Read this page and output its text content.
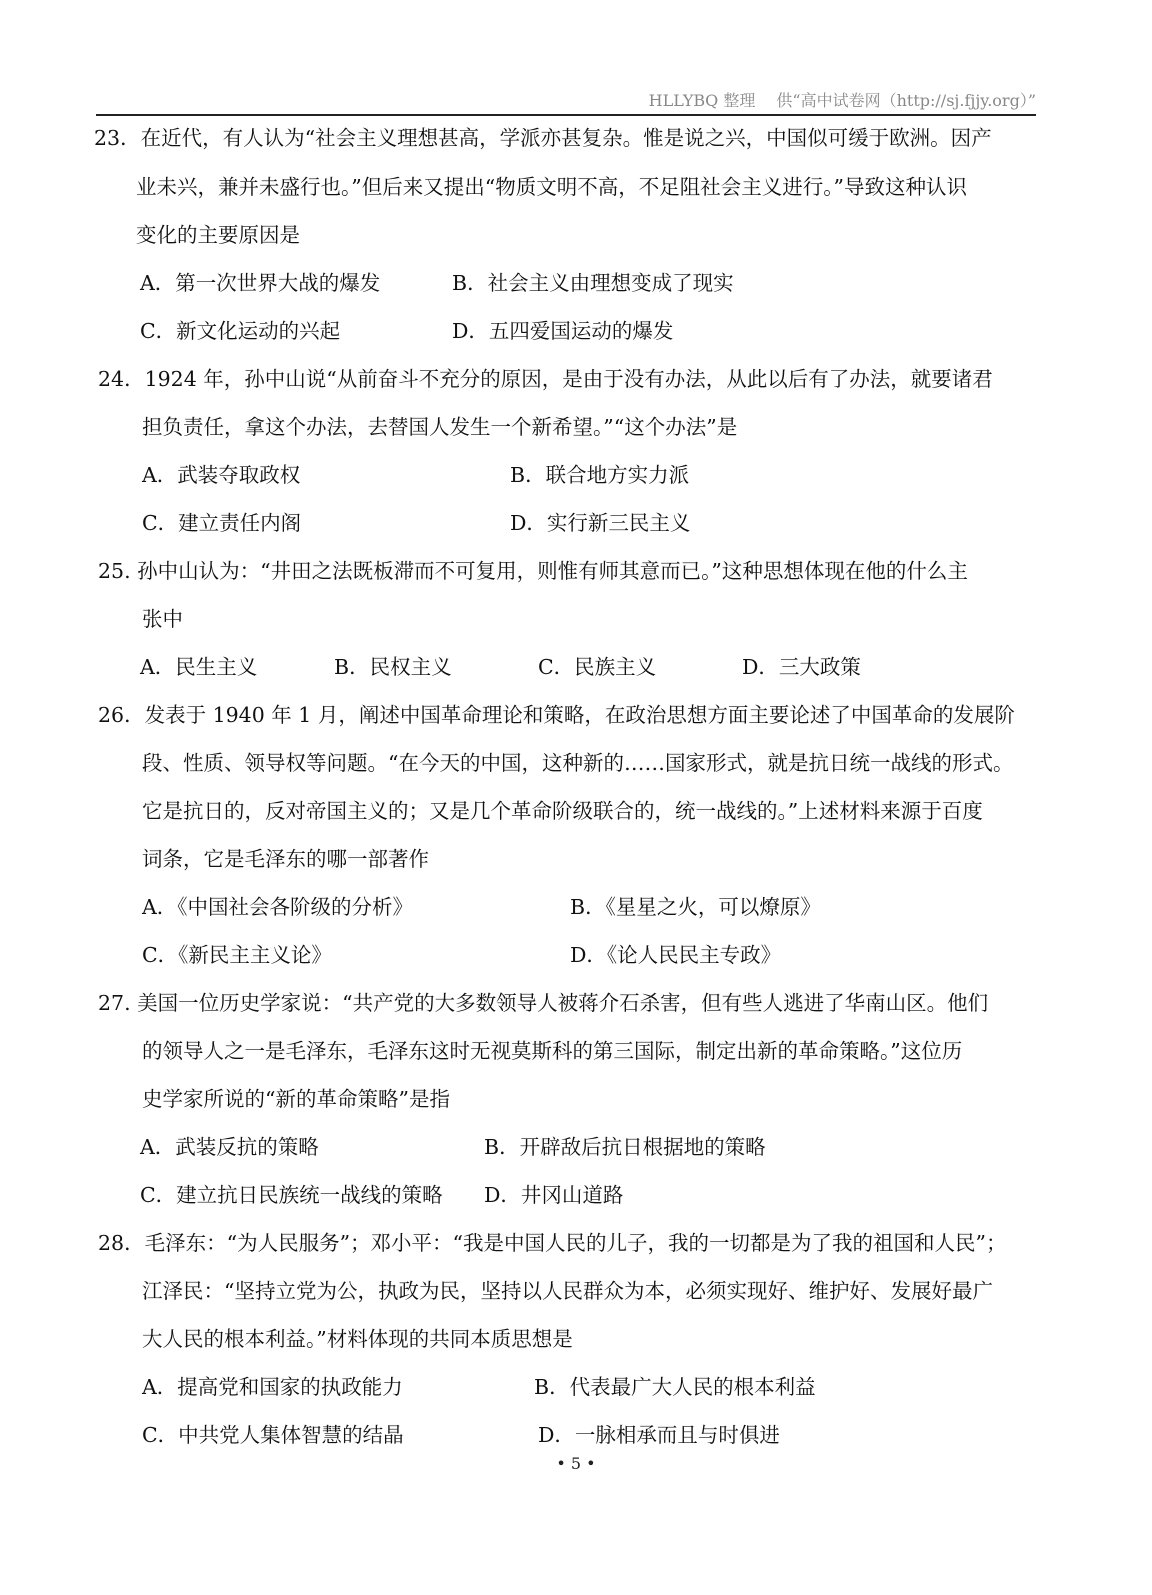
HLLYBQ 整理　 供“高中试卷网（http://sj.fjjy.org）”
23．在近代，有人认为“社会主义理想甚高，学派亦甚复杂。惟是说之兴，中国似可缓于欧洲。因产
业未兴，兼并未盛行也。”但后来又提出“物质文明不高，不足阻社会主义进行。”导致这种认识
变化的主要原因是
A．第一次世界大战的爆发	B．社会主义由理想变成了现实
C．新文化运动的兴起	D．五四爱国运动的爆发
24．1924 年，孙中山说“从前奋斗不充分的原因，是由于没有办法，从此以后有了办法，就要诸君
担负责任，拿这个办法，去替国人发生一个新希望。”“这个办法”是
A．武装夺取政权	B．联合地方实力派
C．建立责任内阁	D．实行新三民主义
25. 孙中山认为：“井田之法既板滞而不可复用，则惟有师其意而已。”这种思想体现在他的什么主
张中
A．民生主义	B．民权主义	C．民族主义	D．三大政策
26．发表于 1940 年 1 月，阐述中国革命理论和策略，在政治思想方面主要论述了中国革命的发展阶
段、性质、领导权等问题。“在今天的中国，这种新的……国家形式，就是抗日统一战线的形式。
它是抗日的，反对帝国主义的；又是几个革命阶级联合的，统一战线的。”上述材料来源于百度
词条，它是毛泽东的哪一部著作
A．《中国社会各阶级的分析》	B．《星星之火，可以燎原》
C．《新民主主义论》	D．《论人民民主专政》
27. 美国一位历史学家说：“共产党的大多数领导人被蒋介石杀害，但有些人逃进了华南山区。他们
的领导人之一是毛泽东，毛泽东这时无视莫斯科的第三国际，制定出新的革命策略。”这位历
史学家所说的“新的革命策略”是指
A．武装反抗的策略	B．开辟敌后抗日根据地的策略
C．建立抗日民族统一战线的策略 D．井冈山道路
28．毛泽东：“为人民服务”；邓小平：“我是中国人民的儿子，我的一切都是为了我的祖国和人民”；
江泽民：“坚持立党为公，执政为民，坚持以人民群众为本，必须实现好、维护好、发展好最广
大人民的根本利益。”材料体现的共同本质思想是
A．提高党和国家的执政能力	B．代表最广大人民的根本利益
C．中共党人集体智慧的结晶	D．一脉相承而且与时俱进
• 5 •
